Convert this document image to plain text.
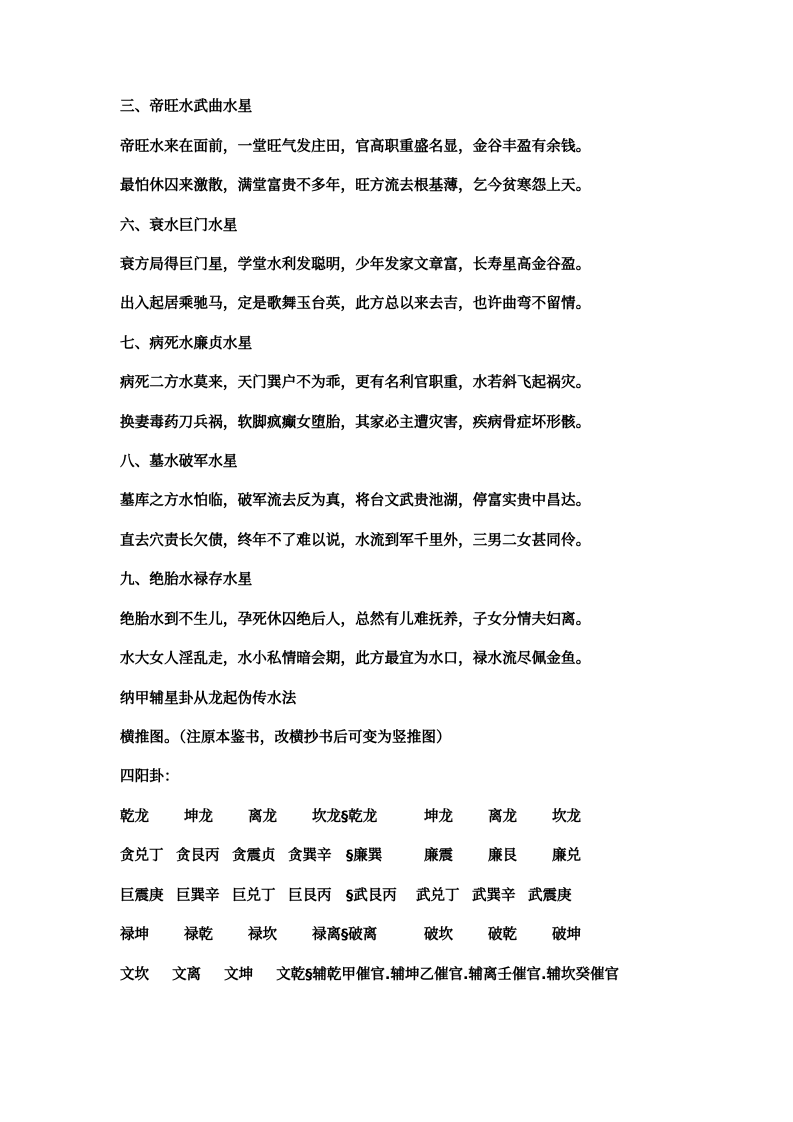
三、帝旺水武曲水星
帝旺水来在面前，一堂旺气发庄田，官高职重盛名显，金谷丰盈有余钱。
最怕休囚来激散，满堂富贵不多年，旺方流去根基薄，乞今贫寒怨上天。
六、衰水巨门水星
衰方局得巨门星，学堂水利发聪明，少年发家文章富，长寿星高金谷盈。
出入起居乘驰马，定是歌舞玉台英，此方总以来去吉，也许曲弯不留情。
七、病死水廉贞水星
病死二方水莫来，天门巽户不为乖，更有名利官职重，水若斜飞起祸灾。
换妻毒药刀兵祸，软脚疯癫女堕胎，其家必主遭灾害，疾病骨症坏形骸。
八、墓水破军水星
墓库之方水怕临，破军流去反为真，将台文武贵池湖，停富实贵中昌达。
直去穴责长欠债，终年不了难以说，水流到军千里外，三男二女甚同伶。
九、绝胎水禄存水星
绝胎水到不生儿，孕死休囚绝后人，总然有儿难抚养，子女分情夫妇离。
水大女人淫乱走，水小私情暗会期，此方最宜为水口，禄水流尽佩金鱼。
纳甲辅星卦从龙起伪传水法
横推图。（注原本鉴书，改横抄书后可变为竖推图）
四阳卦：
乾龙 坤龙 离龙 坎龙§乾龙	坤龙 离龙 坎龙
贪兑丁 贪艮丙 贪震贞 贪巽辛 §廉巽	廉震 廉艮 廉兑
巨震庚 巨巽辛 巨兑丁 巨艮丙 §武艮丙 武兑丁 武巽辛 武震庚
禄坤 禄乾 禄坎 禄离§破离	破坎 破乾 破坤
文坎 文离 文坤 文乾§辅乾甲催官.辅坤乙催官.辅离壬催官.辅坎癸催官
